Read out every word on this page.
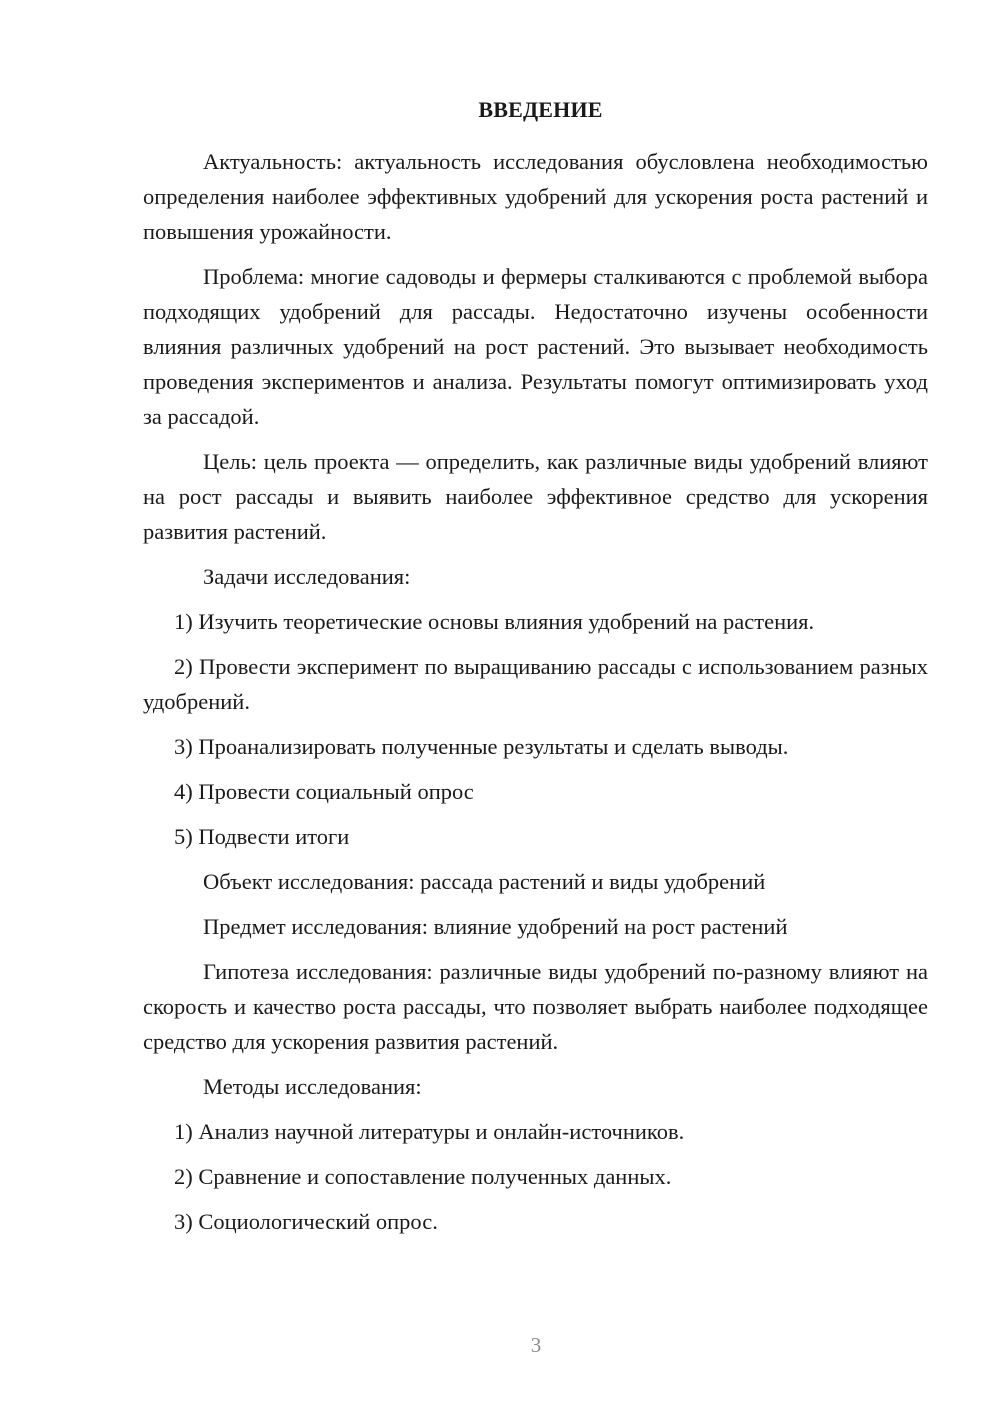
ВВЕДЕНИЕ

Актуальность: актуальность исследования обусловлена необходимостью определения наиболее эффективных удобрений для ускорения роста растений и повышения урожайности.

Проблема: многие садоводы и фермеры сталкиваются с проблемой выбора подходящих удобрений для рассады. Недостаточно изучены особенности влияния различных удобрений на рост растений. Это вызывает необходимость проведения экспериментов и анализа. Результаты помогут оптимизировать уход за рассадой.

Цель: цель проекта — определить, как различные виды удобрений влияют на рост рассады и выявить наиболее эффективное средство для ускорения развития растений.

Задачи исследования:

1) Изучить теоретические основы влияния удобрений на растения.

2) Провести эксперимент по выращиванию рассады с использованием разных удобрений.

3) Проанализировать полученные результаты и сделать выводы.

4) Провести социальный опрос

5) Подвести итоги

Объект исследования: рассада растений и виды удобрений

Предмет исследования: влияние удобрений на рост растений

Гипотеза исследования: различные виды удобрений по-разному влияют на скорость и качество роста рассады, что позволяет выбрать наиболее подходящее средство для ускорения развития растений.

Методы исследования:

1) Анализ научной литературы и онлайн-источников.

2) Сравнение и сопоставление полученных данных.

3) Социологический опрос.

3
